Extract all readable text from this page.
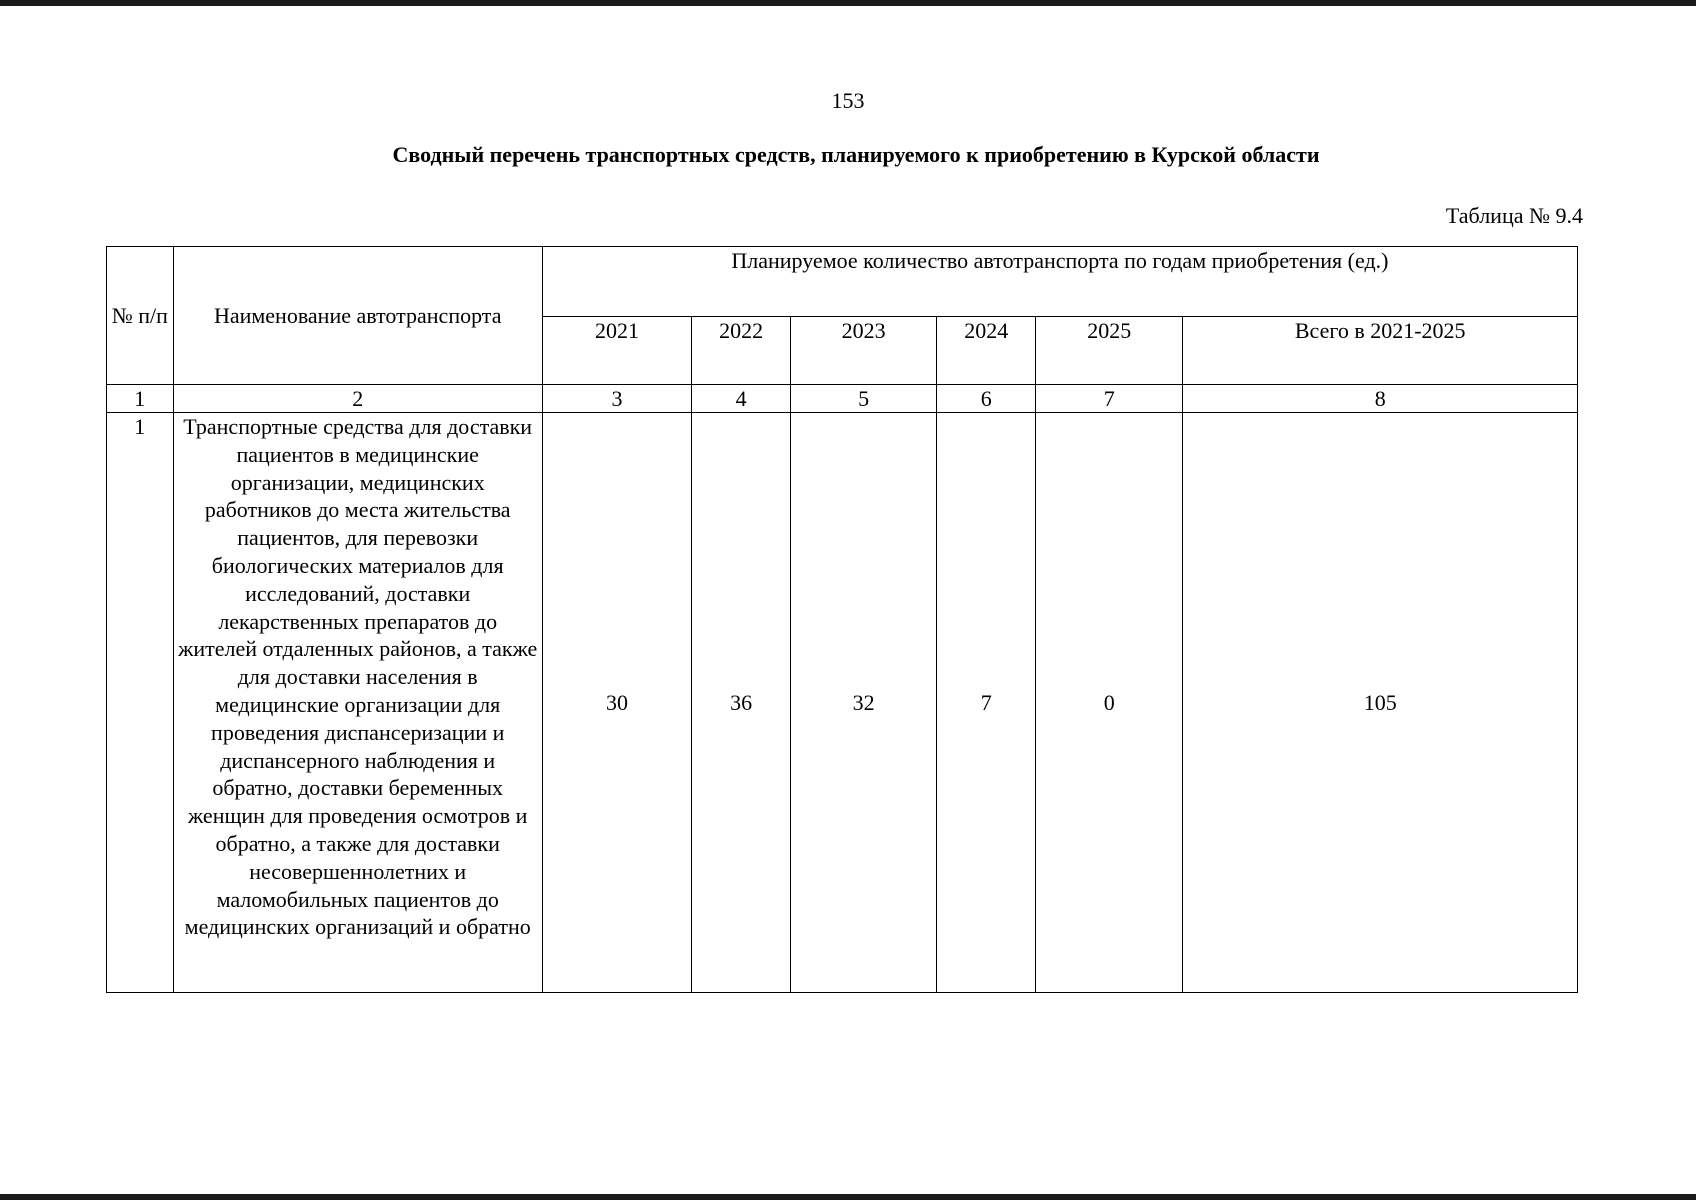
153
Сводный перечень транспортных средств, планируемого к приобретению в Курской области
Таблица № 9.4
№ п/п	Наименование автотранспорта	Планируемое количество автотранспорта по годам приобретения (ед.)					
		2021	2022	2023	2024	2025	Всего в 2021-2025
1	2	3	4	5	6	7	8
1	Транспортные средства для доставки пациентов в медицинские организации, медицинских работников до места жительства пациентов, для перевозки биологических материалов для исследований, доставки лекарственных препаратов до жителей отдаленных районов, а также для доставки населения в медицинские организации для проведения диспансеризации и диспансерного наблюдения и обратно, доставки беременных женщин для проведения осмотров и обратно, а также для доставки несовершеннолетних и маломобильных пациентов до медицинских организаций и обратно	30	36	32	7	0	105
